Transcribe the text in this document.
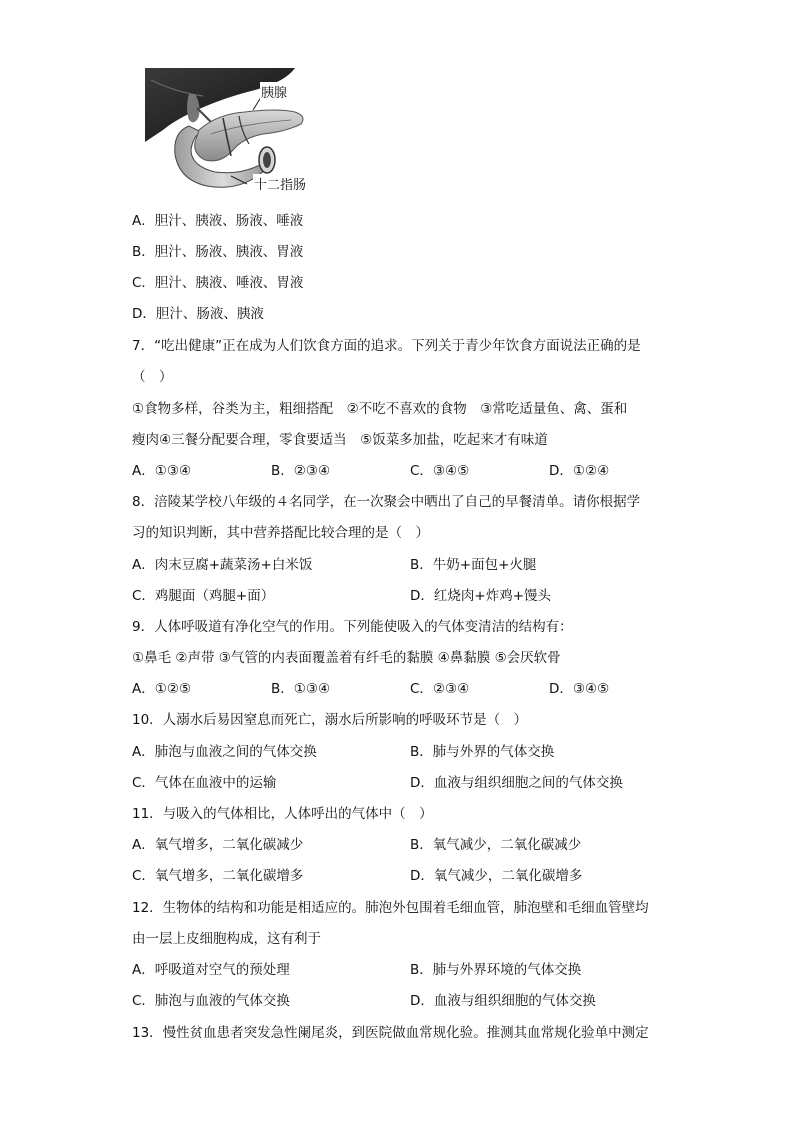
胰腺
十二指肠
A．胆汁、胰液、肠液、唾液
B．胆汁、肠液、胰液、胃液
C．胆汁、胰液、唾液、胃液
D．胆汁、肠液、胰液
7．“吃出健康”正在成为人们饮食方面的追求。下列关于青少年饮食方面说法正确的是
（　）
①食物多样，谷类为主，粗细搭配　②不吃不喜欢的食物　③常吃适量鱼、禽、蛋和
瘦肉④三餐分配要合理，零食要适当　⑤饭菜多加盐，吃起来才有味道
A．①③④	B．②③④	C．③④⑤	D．①②④
8．涪陵某学校八年级的４名同学，在一次聚会中晒出了自己的早餐清单。请你根据学
习的知识判断，其中营养搭配比较合理的是（　）
A．肉末豆腐+蔬菜汤+白米饭	B．牛奶+面包+火腿
C．鸡腿面（鸡腿+面）	D．红烧肉+炸鸡+馒头
9．人体呼吸道有净化空气的作用。下列能使吸入的气体变清洁的结构有：
①鼻毛 ②声带 ③气管的内表面覆盖着有纤毛的黏膜 ④鼻黏膜 ⑤会厌软骨
A．①②⑤	B．①③④	C．②③④	D．③④⑤
10．人溺水后易因窒息而死亡，溺水后所影响的呼吸环节是（　）
A．肺泡与血液之间的气体交换	B．肺与外界的气体交换
C．气体在血液中的运输	D．血液与组织细胞之间的气体交换
11．与吸入的气体相比，人体呼出的气体中（　）
A．氧气增多，二氧化碳减少	B．氧气减少，二氧化碳减少
C．氧气增多，二氧化碳增多	D．氧气减少，二氧化碳增多
12．生物体的结构和功能是相适应的。肺泡外包围着毛细血管，肺泡壁和毛细血管壁均
由一层上皮细胞构成，这有利于
A．呼吸道对空气的预处理	B．肺与外界环境的气体交换
C．肺泡与血液的气体交换	D．血液与组织细胞的气体交换
13．慢性贫血患者突发急性阑尾炎，到医院做血常规化验。推测其血常规化验单中测定
